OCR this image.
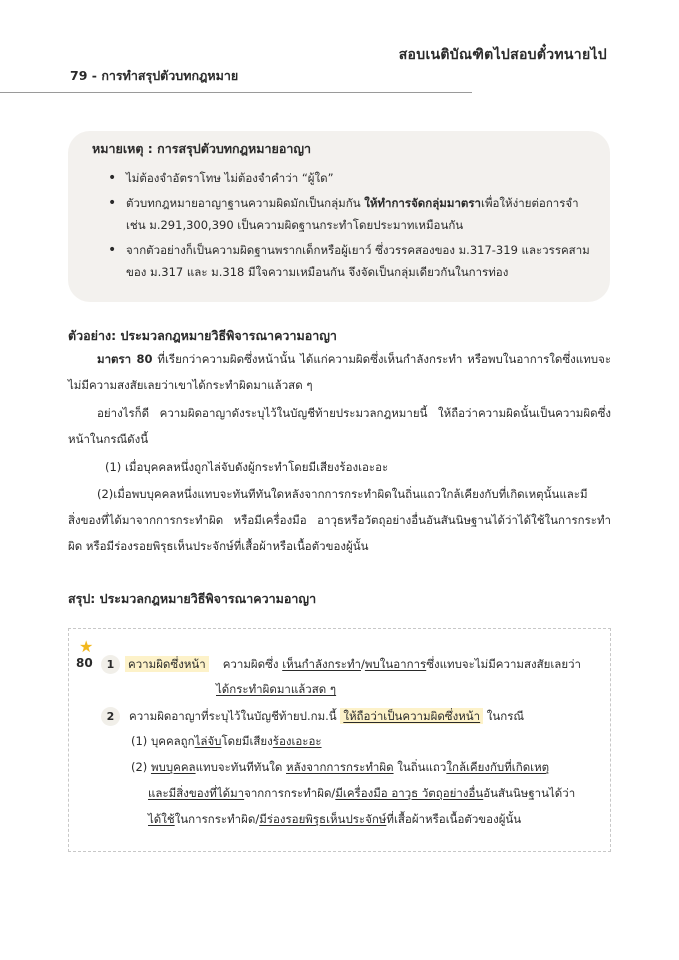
สอบเนติบัณฑิตไปสอบตั๋วทนายไป
79 - การทำสรุปตัวบทกฎหมาย
หมายเหตุ : การสรุปตัวบทกฎหมายอาญา
• ไม่ต้องจำอัตราโทษ ไม่ต้องจำคำว่า “ผู้ใด”
• ตัวบทกฎหมายอาญาฐานความผิดมักเป็นกลุ่มกัน ให้ทำการจัดกลุ่มมาตราเพื่อให้ง่ายต่อการจำ
เช่น ม.291,300,390 เป็นความผิดฐานกระทำโดยประมาทเหมือนกัน
• จากตัวอย่างก็เป็นความผิดฐานพรากเด็กหรือผู้เยาว์ ซึ่งวรรคสองของ ม.317-319 และวรรคสาม
ของ ม.317 และ ม.318 มีใจความเหมือนกัน จึงจัดเป็นกลุ่มเดียวกันในการท่อง
ตัวอย่าง: ประมวลกฎหมายวิธีพิจารณาความอาญา
มาตรา 80 ที่เรียกว่าความผิดซึ่งหน้านั้น ได้แก่ความผิดซึ่งเห็นกำลังกระทำ หรือพบในอาการใดซึ่งแทบจะไม่มีความสงสัยเลยว่าเขาได้กระทำผิดมาแล้วสด ๆ
อย่างไรก็ดี ความผิดอาญาดังระบุไว้ในบัญชีท้ายประมวลกฎหมายนี้ ให้ถือว่าความผิดนั้นเป็นความผิดซึ่งหน้าในกรณีดังนี้
(1) เมื่อบุคคลหนึ่งถูกไล่จับดังผู้กระทำโดยมีเสียงร้องเอะอะ
(2)เมื่อพบบุคคลหนึ่งแทบจะทันทีทันใดหลังจากการกระทำผิดในถิ่นแถวใกล้เคียงกับที่เกิดเหตุนั้นและมีสิ่งของที่ได้มาจากการกระทำผิด หรือมีเครื่องมือ อาวุธหรือวัตถุอย่างอื่นอันสันนิษฐานได้ว่าได้ใช้ในการกระทำผิด หรือมีร่องรอยพิรุธเห็นประจักษ์ที่เสื้อผ้าหรือเนื้อตัวของผู้นั้น
สรุป: ประมวลกฎหมายวิธีพิจารณาความอาญา
★
80	1	ความผิดซึ่งหน้า ความผิดซึ่ง เห็นกำลังกระทำ/พบในอาการซึ่งแทบจะไม่มีความสงสัยเลยว่า
ได้กระทำผิดมาแล้วสด ๆ
2	ความผิดอาญาที่ระบุไว้ในบัญชีท้ายป.กม.นี้ ให้ถือว่าเป็นความผิดซึ่งหน้า ในกรณี
(1) บุคคลถูกไล่จับโดยมีเสียงร้องเอะอะ
(2) พบบุคคลแทบจะทันทีทันใด หลังจากการกระทำผิด ในถิ่นแถวใกล้เคียงกับที่เกิดเหตุ
และมีสิ่งของที่ได้มาจากการกระทำผิด/มีเครื่องมือ อาวุธ วัตถุอย่างอื่นอันสันนิษฐานได้ว่า
ได้ใช้ในการกระทำผิด/มีร่องรอยพิรุธเห็นประจักษ์ที่เสื้อผ้าหรือเนื้อตัวของผู้นั้น
